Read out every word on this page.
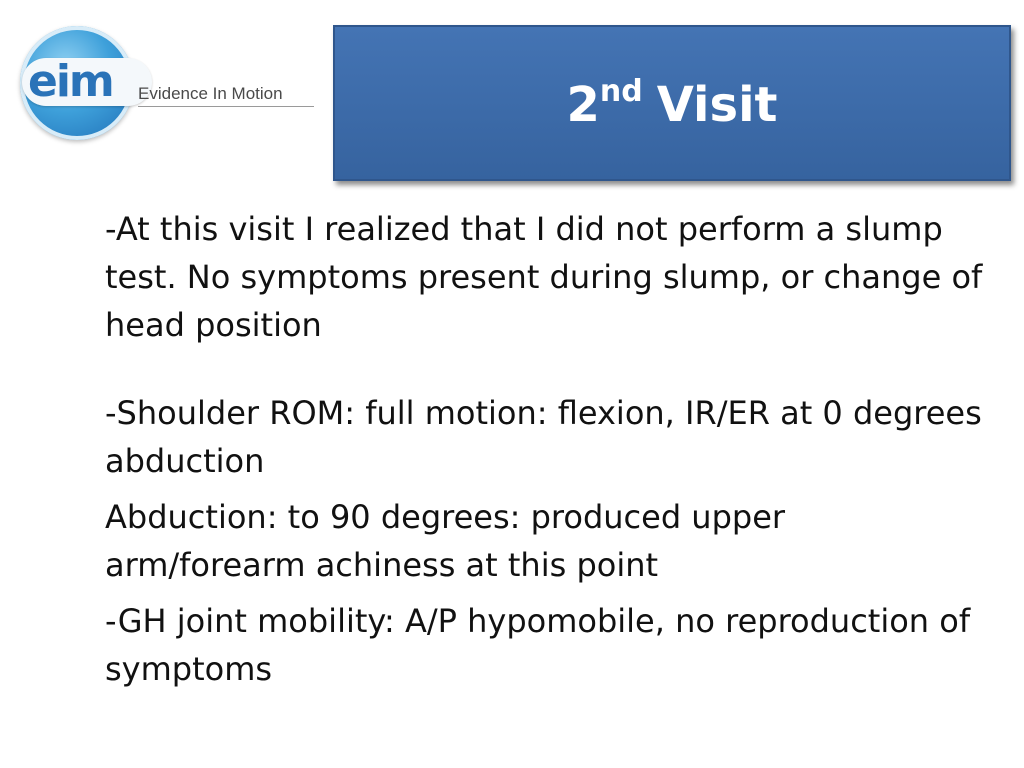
eim Evidence In Motion	2nd Visit

-At this visit I realized that I did not perform a slump test. No symptoms present during slump, or change of head position

-Shoulder ROM: full motion: flexion, IR/ER at 0 degrees abduction

Abduction: to 90 degrees: produced upper arm/forearm achiness at this point

-GH joint mobility: A/P hypomobile, no reproduction of symptoms
